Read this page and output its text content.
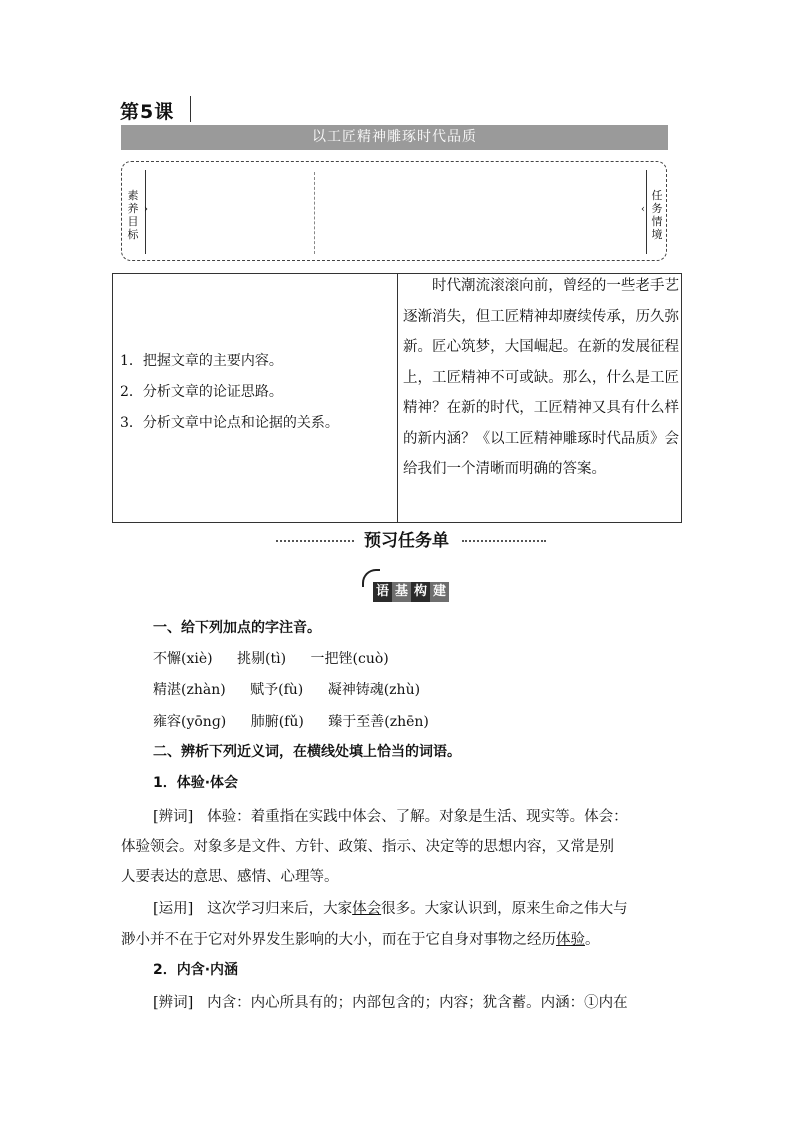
第5课
以工匠精神雕琢时代品质
素养目标
›
任务情境
‹
1．把握文章的主要内容。
2．分析文章的论证思路。
3．分析文章中论点和论据的关系。
时代潮流滚滚向前，曾经的一些老手艺逐渐消失，但工匠精神却赓续传承，历久弥新。匠心筑梦，大国崛起。在新的发展征程上，工匠精神不可或缺。那么，什么是工匠精神？在新的时代，工匠精神又具有什么样的新内涵？《以工匠精神雕琢时代品质》会给我们一个清晰而明确的答案。
预习任务单
语 基 构 建
一、给下列加点的字注音。
不懈(xiè) 挑剔(tì) 一把锉(cuò)
精湛(zhàn) 赋予(fù) 凝神铸魂(zhù)
雍容(yōnɡ) 肺腑(fǔ) 臻于至善(zhēn)
二、辨析下列近义词，在横线处填上恰当的词语。
1．体验·体会
[辨词] 体验：着重指在实践中体会、了解。对象是生活、现实等。体会：
体验领会。对象多是文件、方针、政策、指示、决定等的思想内容，又常是别
人要表达的意思、感情、心理等。
[运用] 这次学习归来后，大家体会很多。大家认识到，原来生命之伟大与
渺小并不在于它对外界发生影响的大小，而在于它自身对事物之经历体验。
2．内含·内涵
[辨词] 内含：内心所具有的；内部包含的；内容；犹含蓄。内涵：①内在
